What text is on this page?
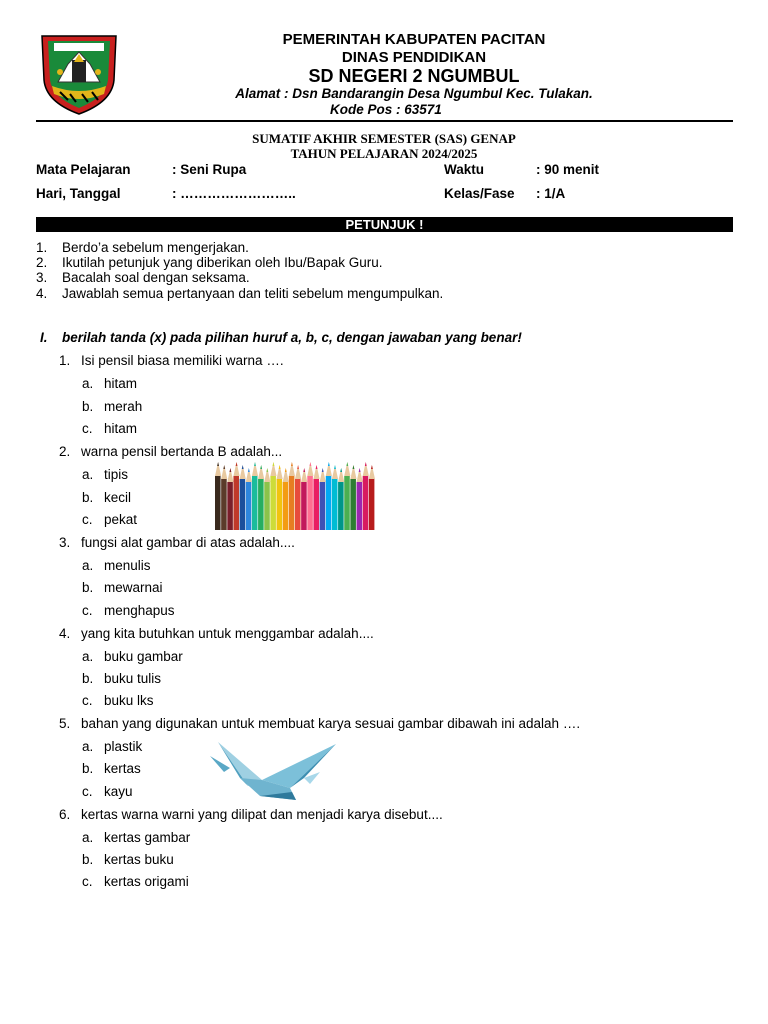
PEMERINTAH KABUPATEN PACITAN
DINAS PENDIDIKAN
SD NEGERI 2 NGUMBUL
Alamat : Dsn Bandarangin Desa Ngumbul Kec. Tulakan.
Kode Pos : 63571
SUMATIF AKHIR SEMESTER (SAS) GENAP
TAHUN PELAJARAN 2024/2025
Mata Pelajaran	: Seni Rupa	Waktu	: 90 menit
Hari, Tanggal	: ……………………..	Kelas/Fase : 1/A
PETUNJUK !
1. Berdo’a sebelum mengerjakan.
2. Ikutilah petunjuk yang diberikan oleh Ibu/Bapak Guru.
3. Bacalah soal dengan seksama.
4. Jawablah semua pertanyaan dan teliti sebelum mengumpulkan.
I. berilah tanda (x) pada pilihan huruf a, b, c, dengan jawaban yang benar!
1. Isi pensil biasa memiliki warna ….
a. hitam
b. merah
c. hitam
2. warna pensil bertanda B adalah...
a. tipis
b. kecil
c. pekat
3. fungsi alat gambar di atas adalah....
a. menulis
b. mewarnai
c. menghapus
4. yang kita butuhkan untuk menggambar adalah....
a. buku gambar
b. buku tulis
c. buku lks
5. bahan yang digunakan untuk membuat karya sesuai gambar dibawah ini adalah ….
a. plastik
b. kertas
c. kayu
6. kertas warna warni yang dilipat dan menjadi karya disebut....
a. kertas gambar
b. kertas buku
c. kertas origami
